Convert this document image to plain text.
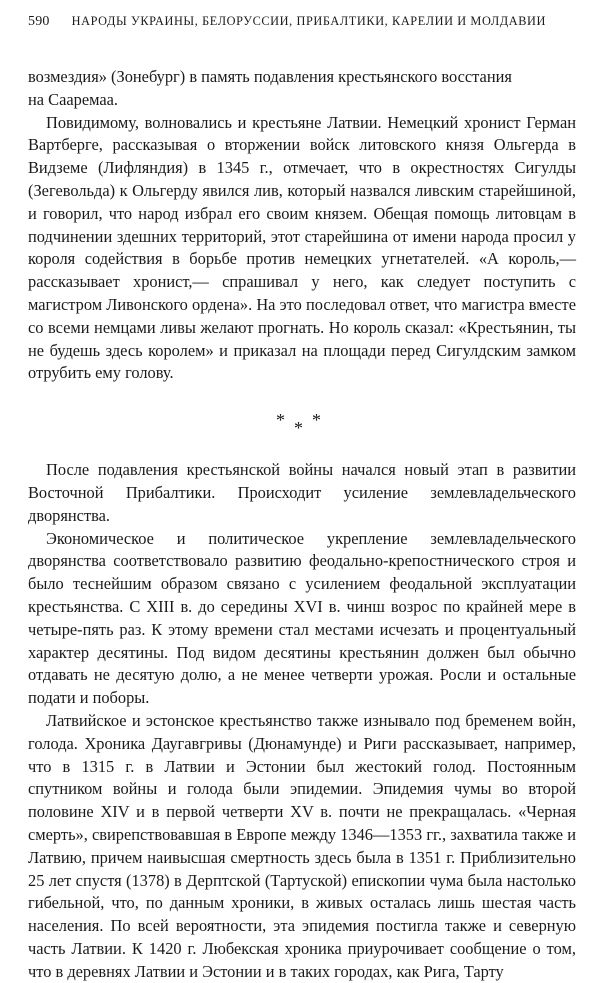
590 НАРОДЫ УКРАИНЫ, БЕЛОРУССИИ, ПРИБАЛТИКИ, КАРЕЛИИ И МОЛДАВИИ

возмездия» (Зонебург) в память подавления крестьянского восстания
на Сааремаа.

Повидимому, волновались и крестьяне Латвии. Немецкий хронист Герман Вартберге, рассказывая о вторжении войск литовского князя Ольгерда в Видземе (Лифляндия) в 1345 г., отмечает, что в окрестностях Сигулды (Зегевольда) к Ольгерду явился лив, который назвался ливским старейшиной, и говорил, что народ избрал его своим князем. Обещая помощь литовцам в подчинении здешних территорий, этот старейшина от имени народа просил у короля содействия в борьбе против немецких угнетателей. «А король,— рассказывает хронист,— спрашивал у него, как следует поступить с магистром Ливонского ордена». На это последовал ответ, что магистра вместе со всеми немцами ливы желают прогнать. Но король сказал: «Крестьянин, ты не будешь здесь королем» и приказал на площади перед Сигулдским замком отрубить ему голову.

* * *

После подавления крестьянской войны начался новый этап в развитии Восточной Прибалтики. Происходит усиление землевладельческого дворянства.

Экономическое и политическое укрепление землевладельческого дворянства соответствовало развитию феодально-крепостнического строя и было теснейшим образом связано с усилением феодальной эксплуатации крестьянства. С XIII в. до середины XVI в. чинш возрос по крайней мере в четыре-пять раз. К этому времени стал местами исчезать и процентуальный характер десятины. Под видом десятины крестьянин должен был обычно отдавать не десятую долю, а не менее четверти урожая. Росли и остальные подати и поборы.

Латвийское и эстонское крестьянство также изнывало под бременем войн, голода. Хроника Даугавгривы (Дюнамунде) и Риги рассказывает, например, что в 1315 г. в Латвии и Эстонии был жестокий голод. Постоянным спутником войны и голода были эпидемии. Эпидемия чумы во второй половине XIV и в первой четверти XV в. почти не прекращалась. «Черная смерть», свирепствовавшая в Европе между 1346—1353 гг., захватила также и Латвию, причем наивысшая смертность здесь была в 1351 г. Приблизительно 25 лет спустя (1378) в Дерптской (Тартуской) епископии чума была настолько гибельной, что, по данным хроники, в живых осталась лишь шестая часть населения. По всей вероятности, эта эпидемия постигла также и северную часть Латвии. К 1420 г. Любекская хроника приурочивает сообщение о том, что в деревнях Латвии и Эстонии и в таких городах, как Рига, Тарту
